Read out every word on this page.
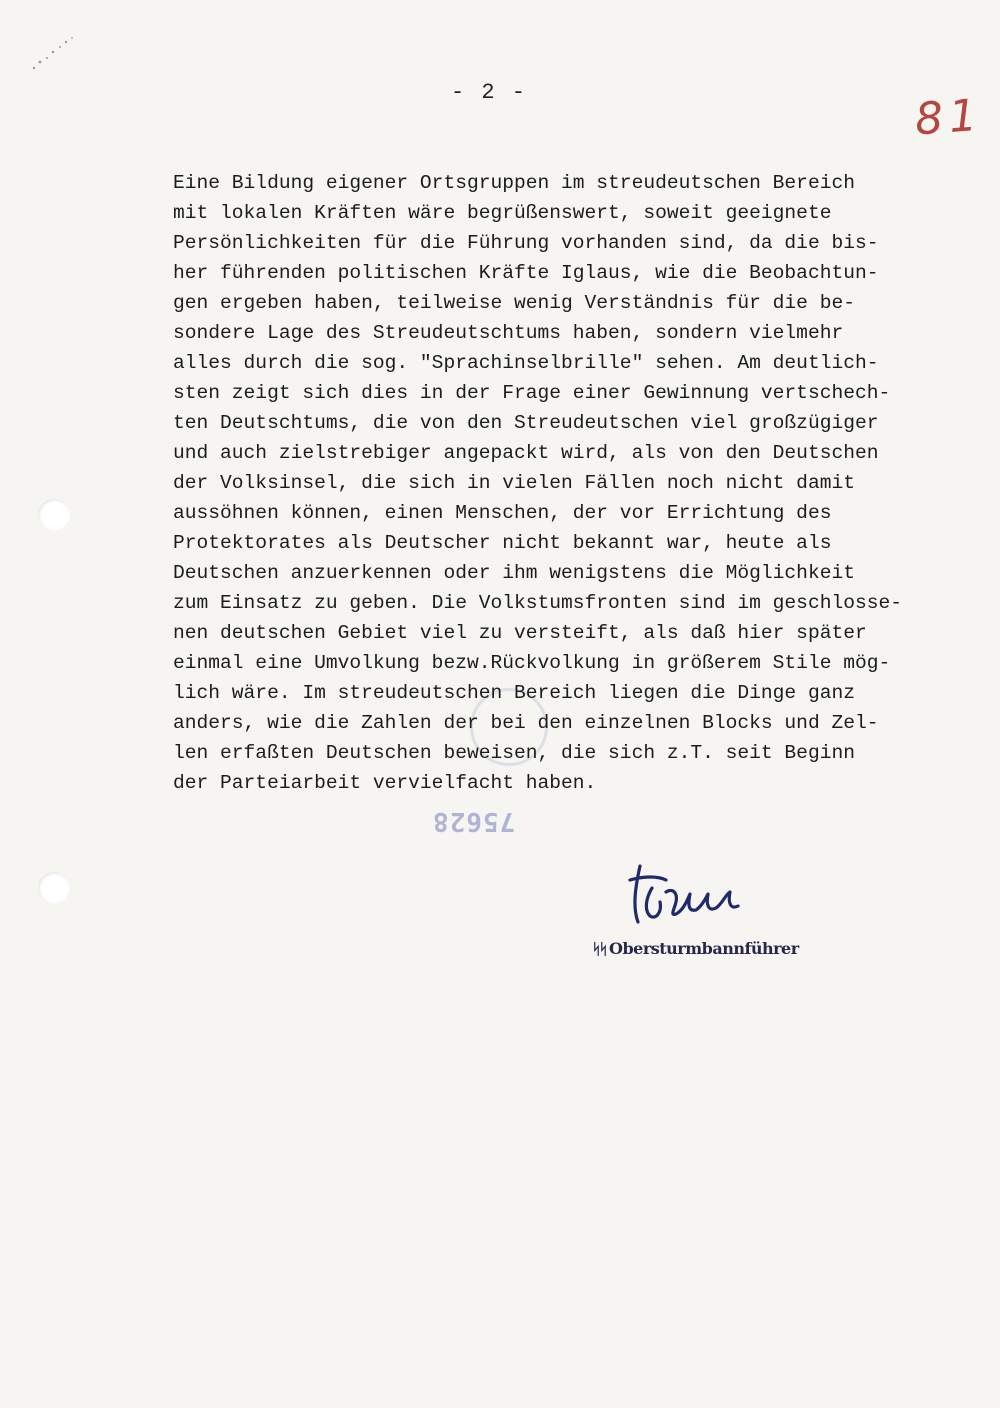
- 2 -	81
Eine Bildung eigener Ortsgruppen im streudeutschen Bereich
mit lokalen Kräften wäre begrüßenswert, soweit geeignete
Persönlichkeiten für die Führung vorhanden sind, da die bis-
her führenden politischen Kräfte Iglaus, wie die Beobachtun-
gen ergeben haben, teilweise wenig Verständnis für die be-
sondere Lage des Streudeutschtums haben, sondern vielmehr
alles durch die sog. "Sprachinselbrille" sehen. Am deutlich-
sten zeigt sich dies in der Frage einer Gewinnung vertschech-
ten Deutschtums, die von den Streudeutschen viel großzügiger
und auch zielstrebiger angepackt wird, als von den Deutschen
der Volksinsel, die sich in vielen Fällen noch nicht damit
aussöhnen können, einen Menschen, der vor Errichtung des
Protektorates als Deutscher nicht bekannt war, heute als
Deutschen anzuerkennen oder ihm wenigstens die Möglichkeit
zum Einsatz zu geben. Die Volkstumsfronten sind im geschlosse-
nen deutschen Gebiet viel zu versteift, als daß hier später
einmal eine Umvolkung bezw.Rückvolkung in größerem Stile mög-
lich wäre. Im streudeutschen Bereich liegen die Dinge ganz
anders, wie die Zahlen der bei den einzelnen Blocks und Zel-
len erfaßten Deutschen beweisen, die sich z.T. seit Beginn
der Parteiarbeit vervielfacht haben.
75628
ᛋᛋ Obersturmbannführer
